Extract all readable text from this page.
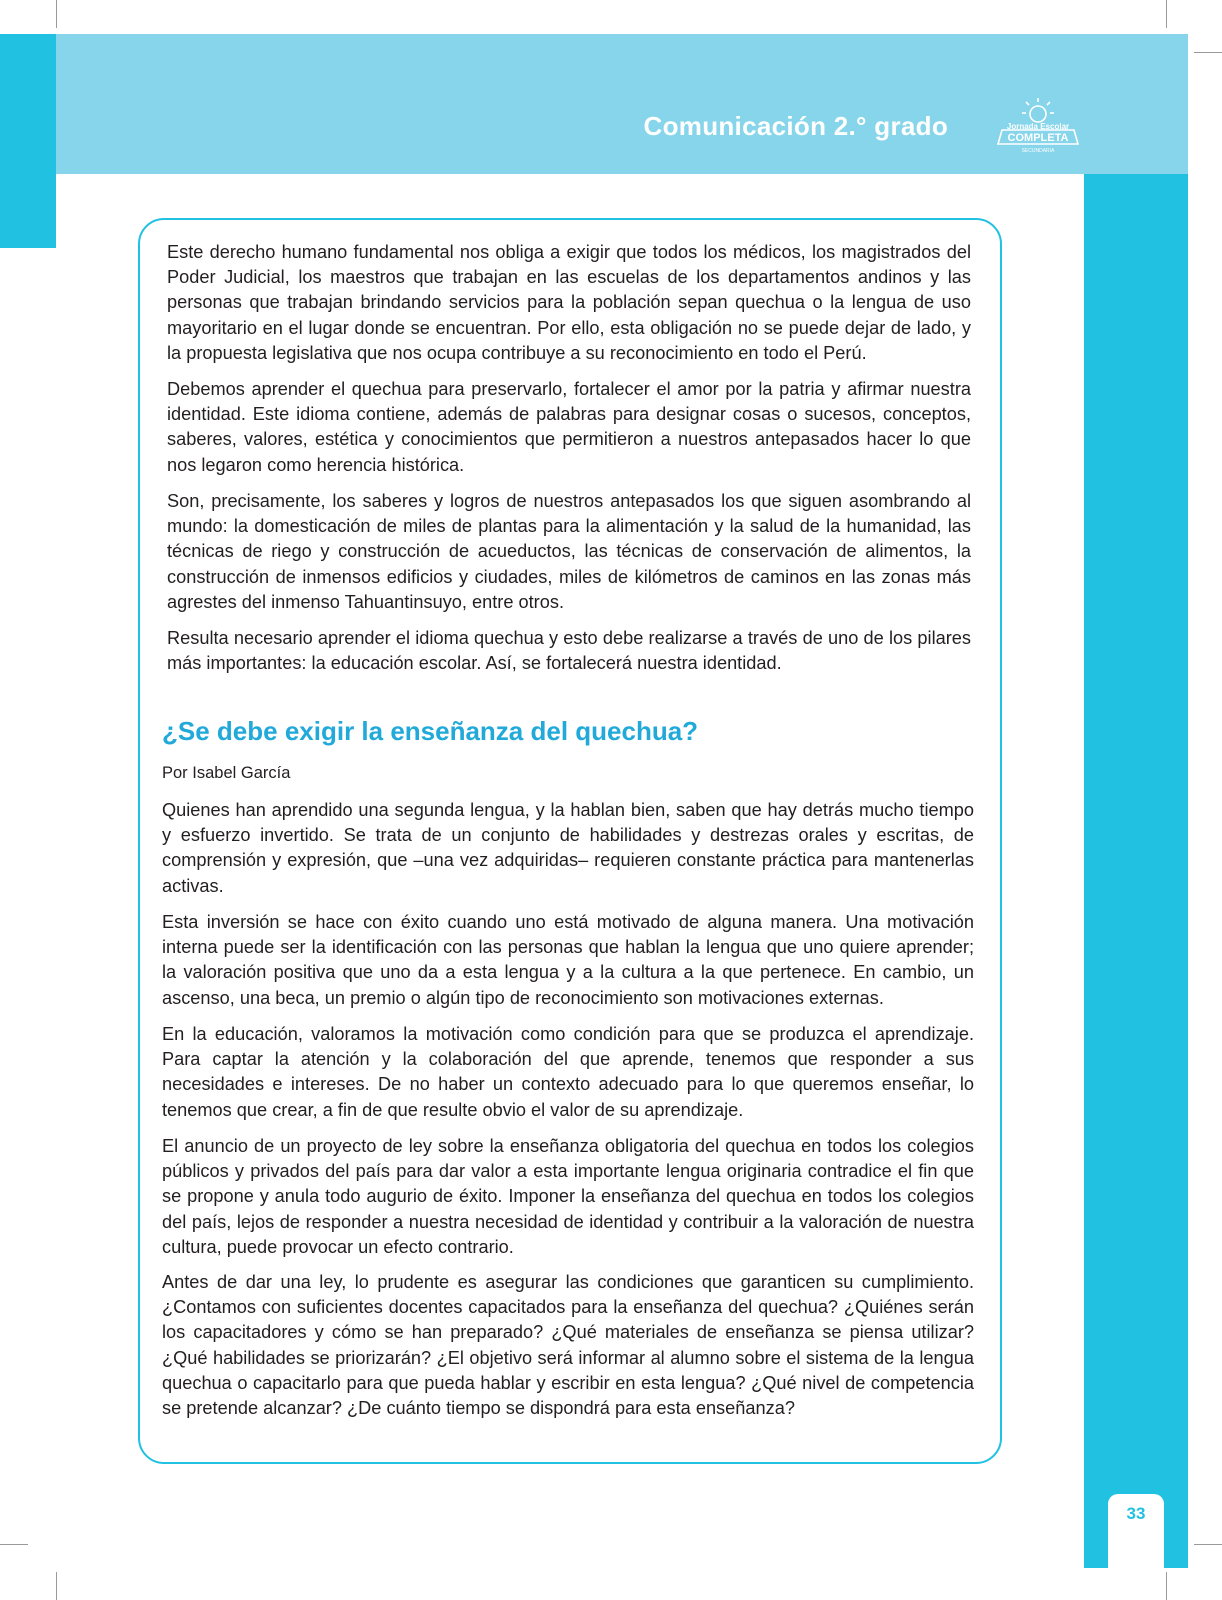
Comunicación 2.° grado	Jornada Escolar
COMPLETA
SECUNDARIA
33

Este derecho humano fundamental nos obliga a exigir que todos los médicos, los magistrados del Poder Judicial, los maestros que trabajan en las escuelas de los departamentos andinos y las personas que trabajan brindando servicios para la población sepan quechua o la lengua de uso mayoritario en el lugar donde se encuentran. Por ello, esta obligación no se puede dejar de lado, y la propuesta legislativa que nos ocupa contribuye a su reconocimiento en todo el Perú.

Debemos aprender el quechua para preservarlo, fortalecer el amor por la patria y afirmar nuestra identidad. Este idioma contiene, además de palabras para designar cosas o sucesos, conceptos, saberes, valores, estética y conocimientos que permitieron a nuestros antepasados hacer lo que nos legaron como herencia histórica.

Son, precisamente, los saberes y logros de nuestros antepasados los que siguen asombrando al mundo: la domesticación de miles de plantas para la alimentación y la salud de la humanidad, las técnicas de riego y construcción de acueductos, las técnicas de conservación de alimentos, la construcción de inmensos edificios y ciudades, miles de kilómetros de caminos en las zonas más agrestes del inmenso Tahuantinsuyo, entre otros.

Resulta necesario aprender el idioma quechua y esto debe realizarse a través de uno de los pilares más importantes: la educación escolar. Así, se fortalecerá nuestra identidad.

¿Se debe exigir la enseñanza del quechua?
Por Isabel García

Quienes han aprendido una segunda lengua, y la hablan bien, saben que hay detrás mucho tiempo y esfuerzo invertido. Se trata de un conjunto de habilidades y destrezas orales y escritas, de comprensión y expresión, que –una vez adquiridas– requieren constante práctica para mantenerlas activas.

Esta inversión se hace con éxito cuando uno está motivado de alguna manera. Una motivación interna puede ser la identificación con las personas que hablan la lengua que uno quiere aprender; la valoración positiva que uno da a esta lengua y a la cultura a la que pertenece. En cambio, un ascenso, una beca, un premio o algún tipo de reconocimiento son motivaciones externas.

En la educación, valoramos la motivación como condición para que se produzca el aprendizaje. Para captar la atención y la colaboración del que aprende, tenemos que responder a sus necesidades e intereses. De no haber un contexto adecuado para lo que queremos enseñar, lo tenemos que crear, a fin de que resulte obvio el valor de su aprendizaje.

El anuncio de un proyecto de ley sobre la enseñanza obligatoria del quechua en todos los colegios públicos y privados del país para dar valor a esta importante lengua originaria contradice el fin que se propone y anula todo augurio de éxito. Imponer la enseñanza del quechua en todos los colegios del país, lejos de responder a nuestra necesidad de identidad y contribuir a la valoración de nuestra cultura, puede provocar un efecto contrario.

Antes de dar una ley, lo prudente es asegurar las condiciones que garanticen su cumplimiento. ¿Contamos con suficientes docentes capacitados para la enseñanza del quechua? ¿Quiénes serán los capacitadores y cómo se han preparado? ¿Qué materiales de enseñanza se piensa utilizar? ¿Qué habilidades se priorizarán? ¿El objetivo será informar al alumno sobre el sistema de la lengua quechua o capacitarlo para que pueda hablar y escribir en esta lengua? ¿Qué nivel de competencia se pretende alcanzar? ¿De cuánto tiempo se dispondrá para esta enseñanza?
